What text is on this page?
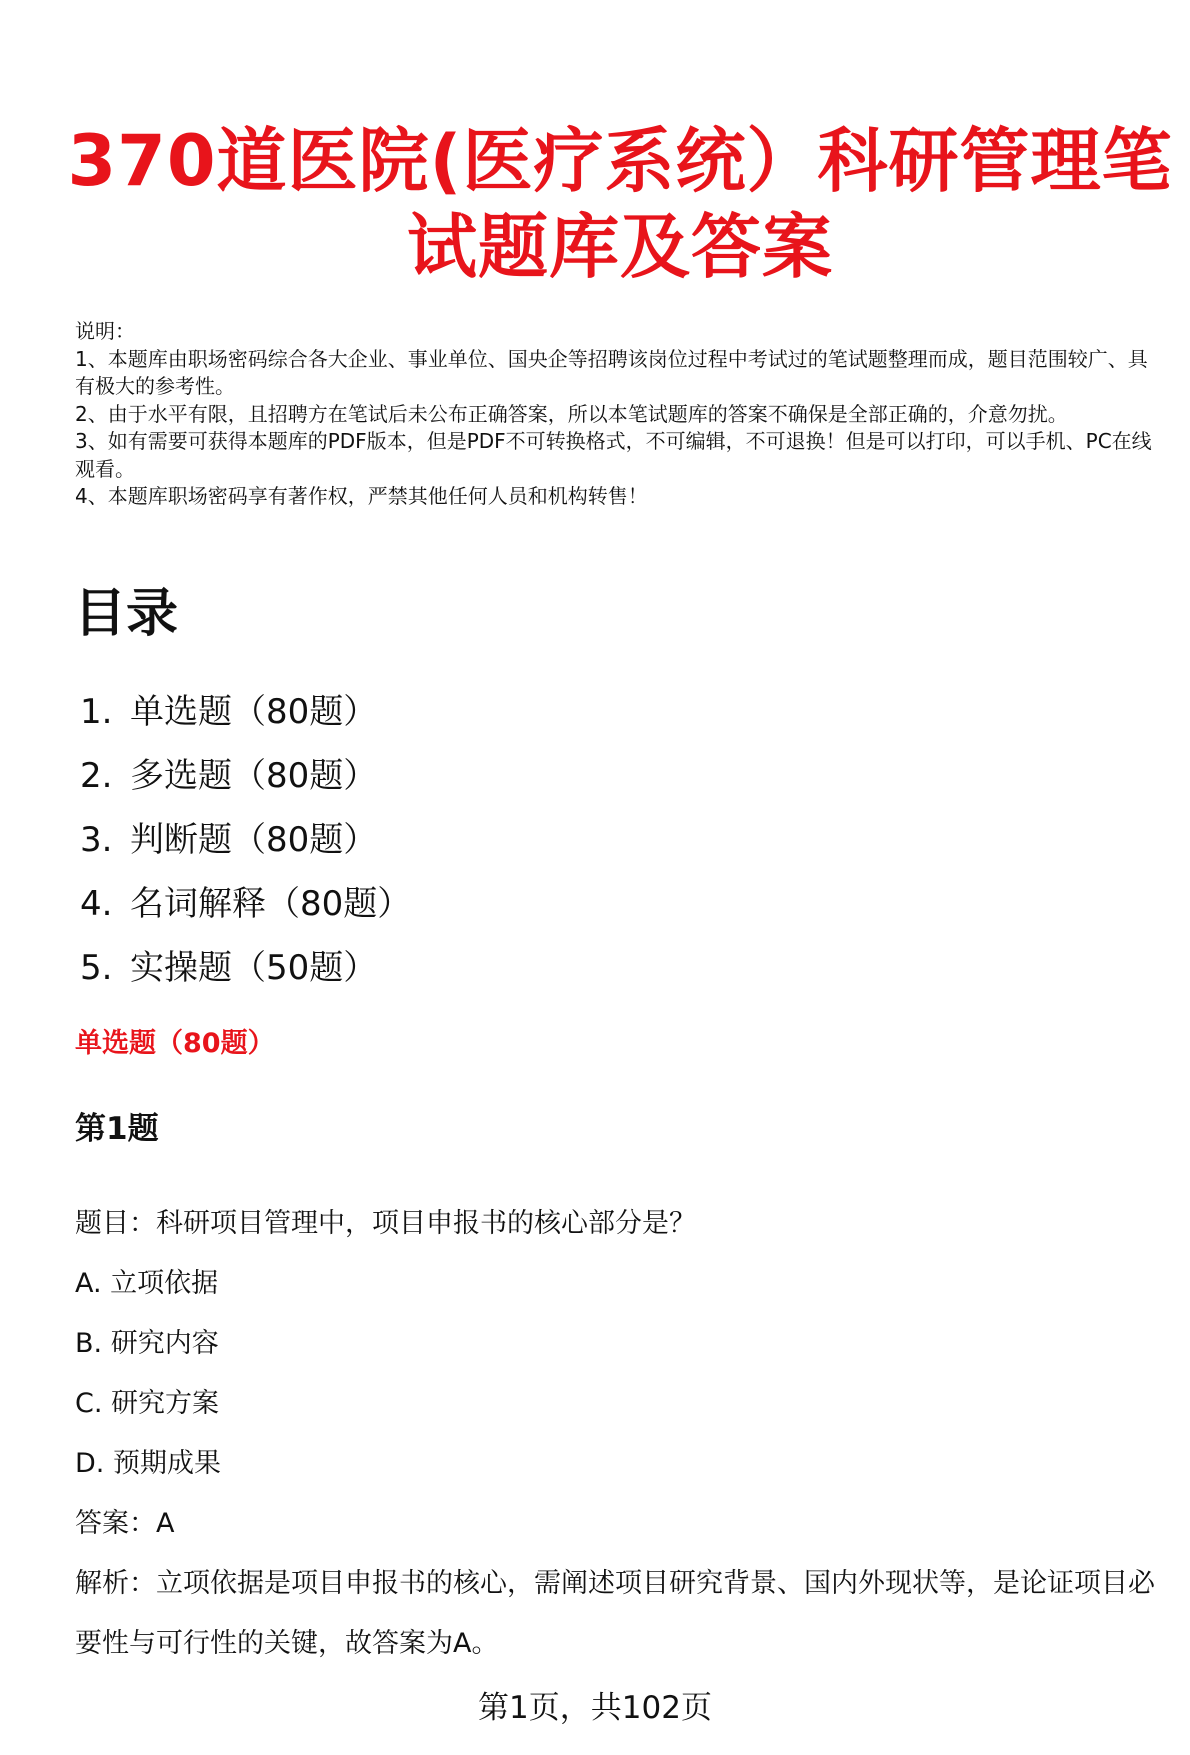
370道医院(医疗系统）科研管理笔试题库及答案

说明：

1、本题库由职场密码综合各大企业、事业单位、国央企等招聘该岗位过程中考试过的笔试题整理而成，题目范围较广、具有极大的参考性。

2、由于水平有限，且招聘方在笔试后未公布正确答案，所以本笔试题库的答案不确保是全部正确的，介意勿扰。

3、如有需要可获得本题库的PDF版本，但是PDF不可转换格式，不可编辑，不可退换！但是可以打印，可以手机、PC在线观看。

4、本题库职场密码享有著作权，严禁其他任何人员和机构转售！

目录
1. 单选题（80题）
2. 多选题（80题）
3. 判断题（80题）
4. 名词解释（80题）
5. 实操题（50题）
单选题（80题）
第1题
题目：科研项目管理中，项目申报书的核心部分是？
A. 立项依据
B. 研究内容
C. 研究方案
D. 预期成果
答案：A
解析：立项依据是项目申报书的核心，需阐述项目研究背景、国内外现状等，是论证项目必要性与可行性的关键，故答案为A。
第1页，共102页
